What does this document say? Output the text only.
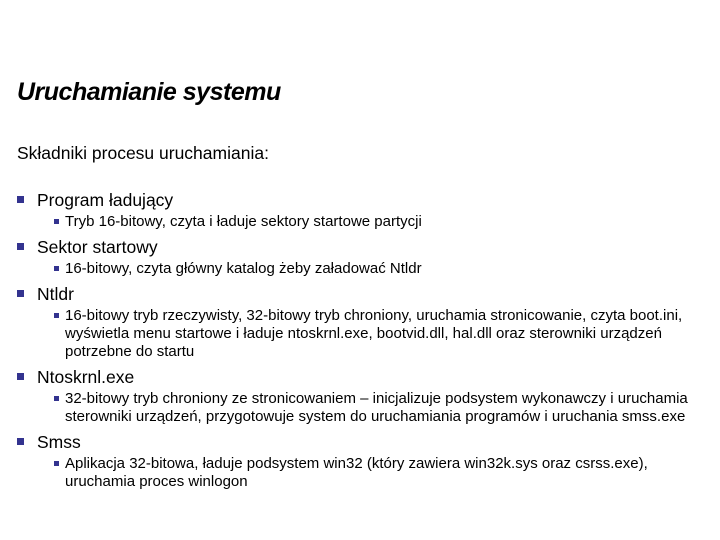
Uruchamianie systemu
Składniki procesu uruchamiania:
Program ładujący
Tryb 16-bitowy, czyta i ładuje sektory startowe partycji
Sektor startowy
16-bitowy, czyta główny katalog żeby załadować Ntldr
Ntldr
16-bitowy tryb rzeczywisty, 32-bitowy tryb chroniony, uruchamia stronicowanie, czyta boot.ini, wyświetla menu startowe i ładuje ntoskrnl.exe, bootvid.dll, hal.dll oraz sterowniki urządzeń potrzebne do startu
Ntoskrnl.exe
32-bitowy tryb chroniony ze stronicowaniem – inicjalizuje podsystem wykonawczy i uruchamia sterowniki urządzeń, przygotowuje system do uruchamiania programów i uruchania smss.exe
Smss
Aplikacja 32-bitowa, ładuje podsystem win32 (który zawiera win32k.sys oraz csrss.exe), uruchamia proces winlogon
